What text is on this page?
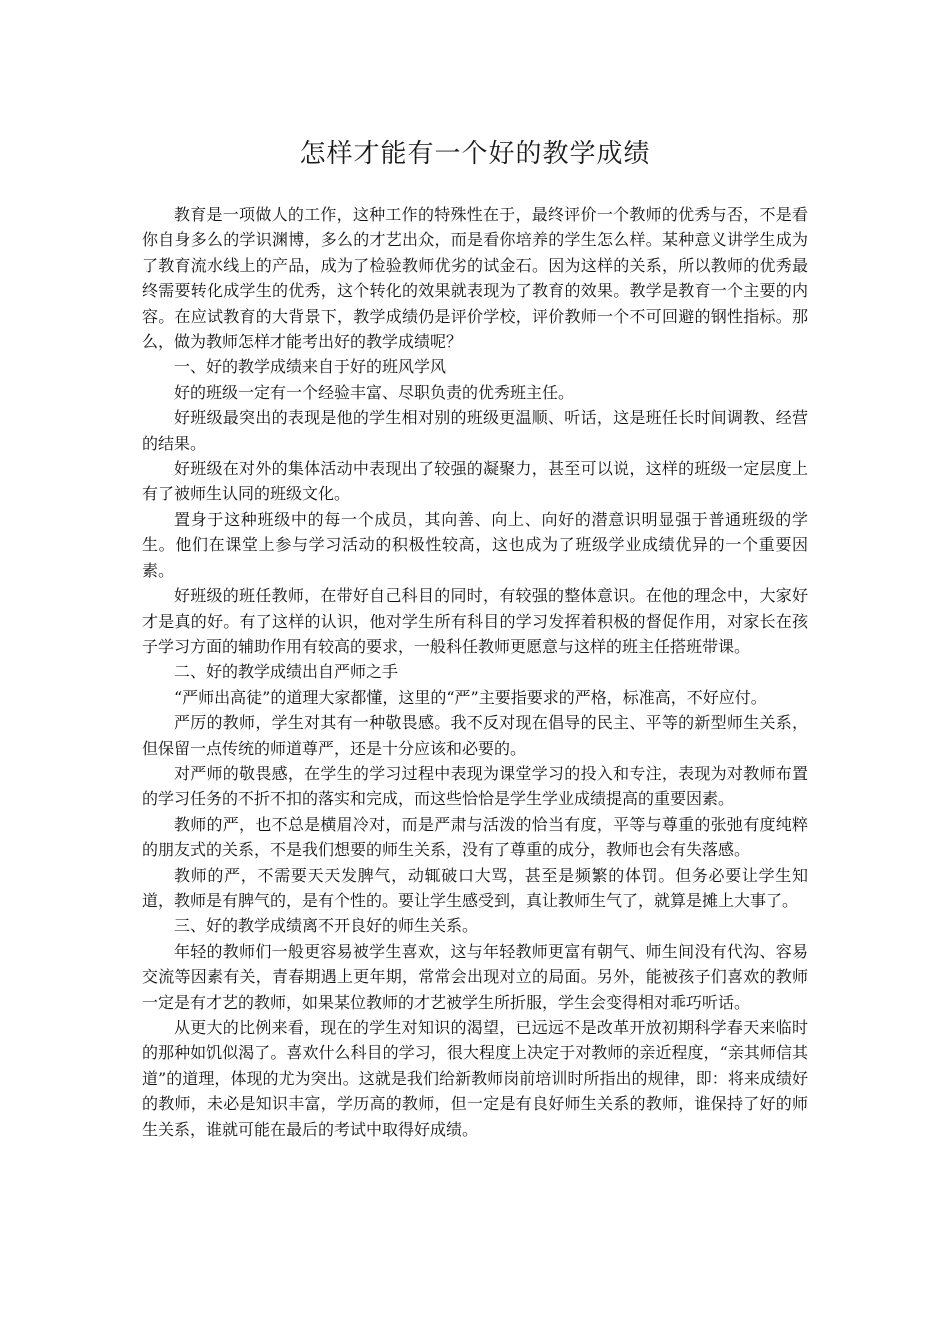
怎样才能有一个好的教学成绩

教育是一项做人的工作，这种工作的特殊性在于，最终评价一个教师的优秀与否，不是看你自身多么的学识渊博，多么的才艺出众，而是看你培养的学生怎么样。某种意义讲学生成为了教育流水线上的产品，成为了检验教师优劣的试金石。因为这样的关系，所以教师的优秀最终需要转化成学生的优秀，这个转化的效果就表现为了教育的效果。教学是教育一个主要的内容。在应试教育的大背景下，教学成绩仍是评价学校，评价教师一个不可回避的钢性指标。那么，做为教师怎样才能考出好的教学成绩呢？

一、好的教学成绩来自于好的班风学风

好的班级一定有一个经验丰富、尽职负责的优秀班主任。

好班级最突出的表现是他的学生相对别的班级更温顺、听话，这是班任长时间调教、经营的结果。

好班级在对外的集体活动中表现出了较强的凝聚力，甚至可以说，这样的班级一定层度上有了被师生认同的班级文化。

置身于这种班级中的每一个成员，其向善、向上、向好的潜意识明显强于普通班级的学生。他们在课堂上参与学习活动的积极性较高，这也成为了班级学业成绩优异的一个重要因素。

好班级的班任教师，在带好自己科目的同时，有较强的整体意识。在他的理念中，大家好才是真的好。有了这样的认识，他对学生所有科目的学习发挥着积极的督促作用，对家长在孩子学习方面的辅助作用有较高的要求，一般科任教师更愿意与这样的班主任搭班带课。

二、好的教学成绩出自严师之手

“严师出高徒”的道理大家都懂，这里的“严”主要指要求的严格，标准高，不好应付。

严厉的教师，学生对其有一种敬畏感。我不反对现在倡导的民主、平等的新型师生关系，但保留一点传统的师道尊严，还是十分应该和必要的。

对严师的敬畏感，在学生的学习过程中表现为课堂学习的投入和专注，表现为对教师布置的学习任务的不折不扣的落实和完成，而这些恰恰是学生学业成绩提高的重要因素。

教师的严，也不总是横眉冷对，而是严肃与活泼的恰当有度，平等与尊重的张弛有度纯粹的朋友式的关系，不是我们想要的师生关系，没有了尊重的成分，教师也会有失落感。

教师的严，不需要天天发脾气，动辄破口大骂，甚至是频繁的体罚。但务必要让学生知道，教师是有脾气的，是有个性的。要让学生感受到，真让教师生气了，就算是摊上大事了。

三、好的教学成绩离不开良好的师生关系。

年轻的教师们一般更容易被学生喜欢，这与年轻教师更富有朝气、师生间没有代沟、容易交流等因素有关，青春期遇上更年期，常常会出现对立的局面。另外，能被孩子们喜欢的教师一定是有才艺的教师，如果某位教师的才艺被学生所折服，学生会变得相对乖巧听话。

从更大的比例来看，现在的学生对知识的渴望，已远远不是改革开放初期科学春天来临时的那种如饥似渴了。喜欢什么科目的学习，很大程度上决定于对教师的亲近程度，“亲其师信其道”的道理，体现的尤为突出。这就是我们给新教师岗前培训时所指出的规律，即：将来成绩好的教师，未必是知识丰富，学历高的教师，但一定是有良好师生关系的教师，谁保持了好的师生关系，谁就可能在最后的考试中取得好成绩。
